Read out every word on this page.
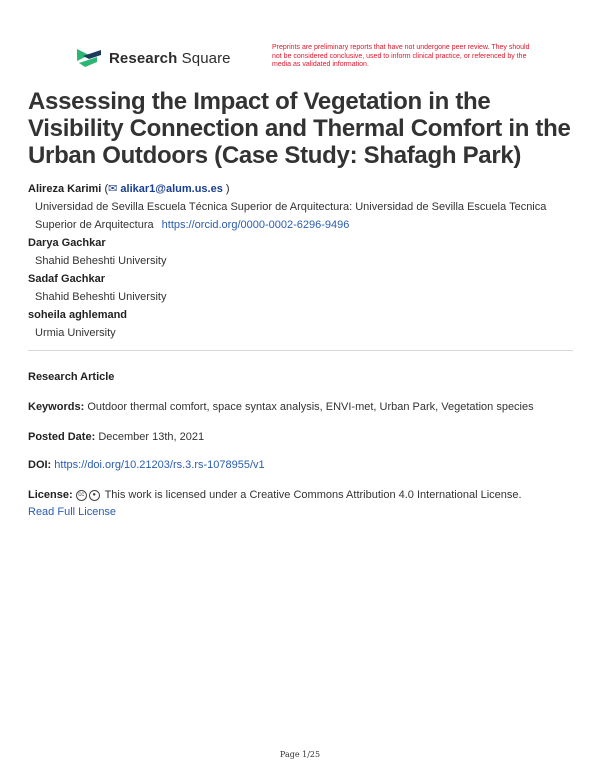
Research Square
Preprints are preliminary reports that have not undergone peer review. They should not be considered conclusive, used to inform clinical practice, or referenced by the media as validated information.
Assessing the Impact of Vegetation in the Visibility Connection and Thermal Comfort in the Urban Outdoors (Case Study: Shafagh Park)
Alireza Karimi (✉ alikar1@alum.us.es )
Universidad de Sevilla Escuela Técnica Superior de Arquitectura: Universidad de Sevilla Escuela Tecnica Superior de Arquitectura https://orcid.org/0000-0002-6296-9496
Darya Gachkar
Shahid Beheshti University
Sadaf Gachkar
Shahid Beheshti University
soheila aghlemand
Urmia University
Research Article
Keywords: Outdoor thermal comfort, space syntax analysis, ENVI-met, Urban Park, Vegetation species
Posted Date: December 13th, 2021
DOI: https://doi.org/10.21203/rs.3.rs-1078955/v1
License: cc ● This work is licensed under a Creative Commons Attribution 4.0 International License.
Read Full License
Page 1/25
